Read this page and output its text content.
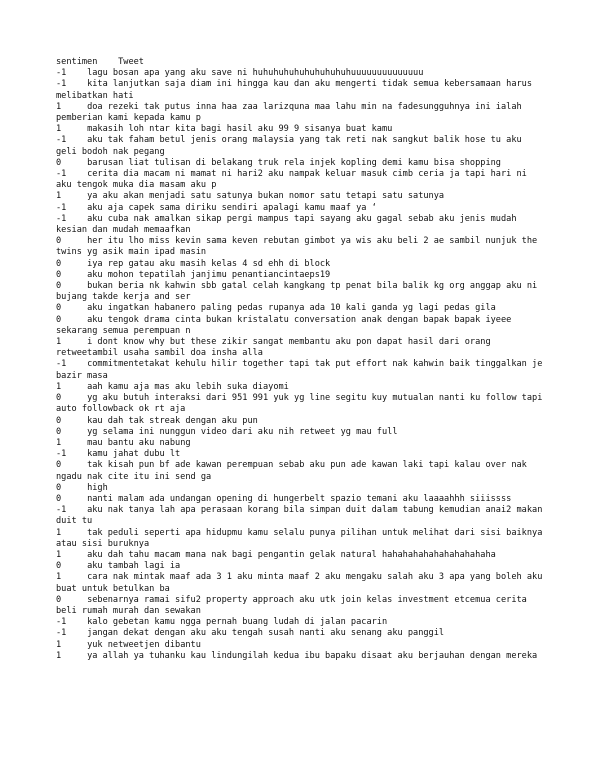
sentimen Tweet
-1    lagu bosan apa yang aku save ni huhuhuhuhuhuhuhuhuhuuuuuuuuuuuuuu
-1    kita lanjutkan saja diam ini hingga kau dan aku mengerti tidak semua kebersamaan harus melibatkan hati
1     doa rezeki tak putus inna haa zaa larizquna maa lahu min na fadesungguhnya ini ialah pemberian kami kepada kamu p
1     makasih loh ntar kita bagi hasil aku 99 9 sisanya buat kamu
-1    aku tak faham betul jenis orang malaysia yang tak reti nak sangkut balik hose tu aku geli bodoh nak pegang
0     barusan liat tulisan di belakang truk rela injek kopling demi kamu bisa shopping
-1    cerita dia macam ni mamat ni hari2 aku nampak keluar masuk cimb ceria ja tapi hari ni aku tengok muka dia masam aku p
1     ya aku akan menjadi satu satunya bukan nomor satu tetapi satu satunya
-1    aku aja capek sama diriku sendiri apalagi kamu maaf ya ‘
-1    aku cuba nak amalkan sikap pergi mampus tapi sayang aku gagal sebab aku jenis mudah kesian dan mudah memaafkan
0     her itu lho miss kevin sama keven rebutan gimbot ya wis aku beli 2 ae sambil nunjuk the twins yg asik main ipad masin
0     iya rep gatau aku masih kelas 4 sd ehh di block
0     aku mohon tepatilah janjimu penantiancintaeps19
0     bukan beria nk kahwin sbb gatal celah kangkang tp penat bila balik kg org anggap aku ni bujang takde kerja and ser
0     aku ingatkan habanero paling pedas rupanya ada 10 kali ganda yg lagi pedas gila
0     aku tengok drama cinta bukan kristalatu conversation anak dengan bapak bapak iyeee sekarang semua perempuan n
1     i dont know why but these zikir sangat membantu aku pon dapat hasil dari orang retweetambil usaha sambil doa insha alla
-1    commitmentetakat kehulu hilir together tapi tak put effort nak kahwin baik tinggalkan je bazir masa
1     aah kamu aja mas aku lebih suka diayomi
0     yg aku butuh interaksi dari 951 991 yuk yg line segitu kuy mutualan nanti ku follow tapi auto followback ok rt aja
0     kau dah tak streak dengan aku pun
0     yg selama ini nunggun video dari aku nih retweet yg mau full
1     mau bantu aku nabung
-1    kamu jahat dubu lt
0     tak kisah pun bf ade kawan perempuan sebab aku pun ade kawan laki tapi kalau over nak ngadu nak cite itu ini send ga
0     high
0     nanti malam ada undangan opening di hungerbelt spazio temani aku laaaahhh siiissss
-1    aku nak tanya lah apa perasaan korang bila simpan duit dalam tabung kemudian anai2 makan duit tu
1     tak peduli seperti apa hidupmu kamu selalu punya pilihan untuk melihat dari sisi baiknya atau sisi buruknya
1     aku dah tahu macam mana nak bagi pengantin gelak natural hahahahahahahahahahaha
0     aku tambah lagi ia
1     cara nak mintak maaf ada 3 1 aku minta maaf 2 aku mengaku salah aku 3 apa yang boleh aku buat untuk betulkan ba
0     sebenarnya ramai sifu2 property approach aku utk join kelas investment etcemua cerita beli rumah murah dan sewakan
-1    kalo gebetan kamu ngga pernah buang ludah di jalan pacarin
-1    jangan dekat dengan aku aku tengah susah nanti aku senang aku panggil
1     yuk netweetjen dibantu
1     ya allah ya tuhanku kau lindungilah kedua ibu bapaku disaat aku berjauhan dengan mereka
